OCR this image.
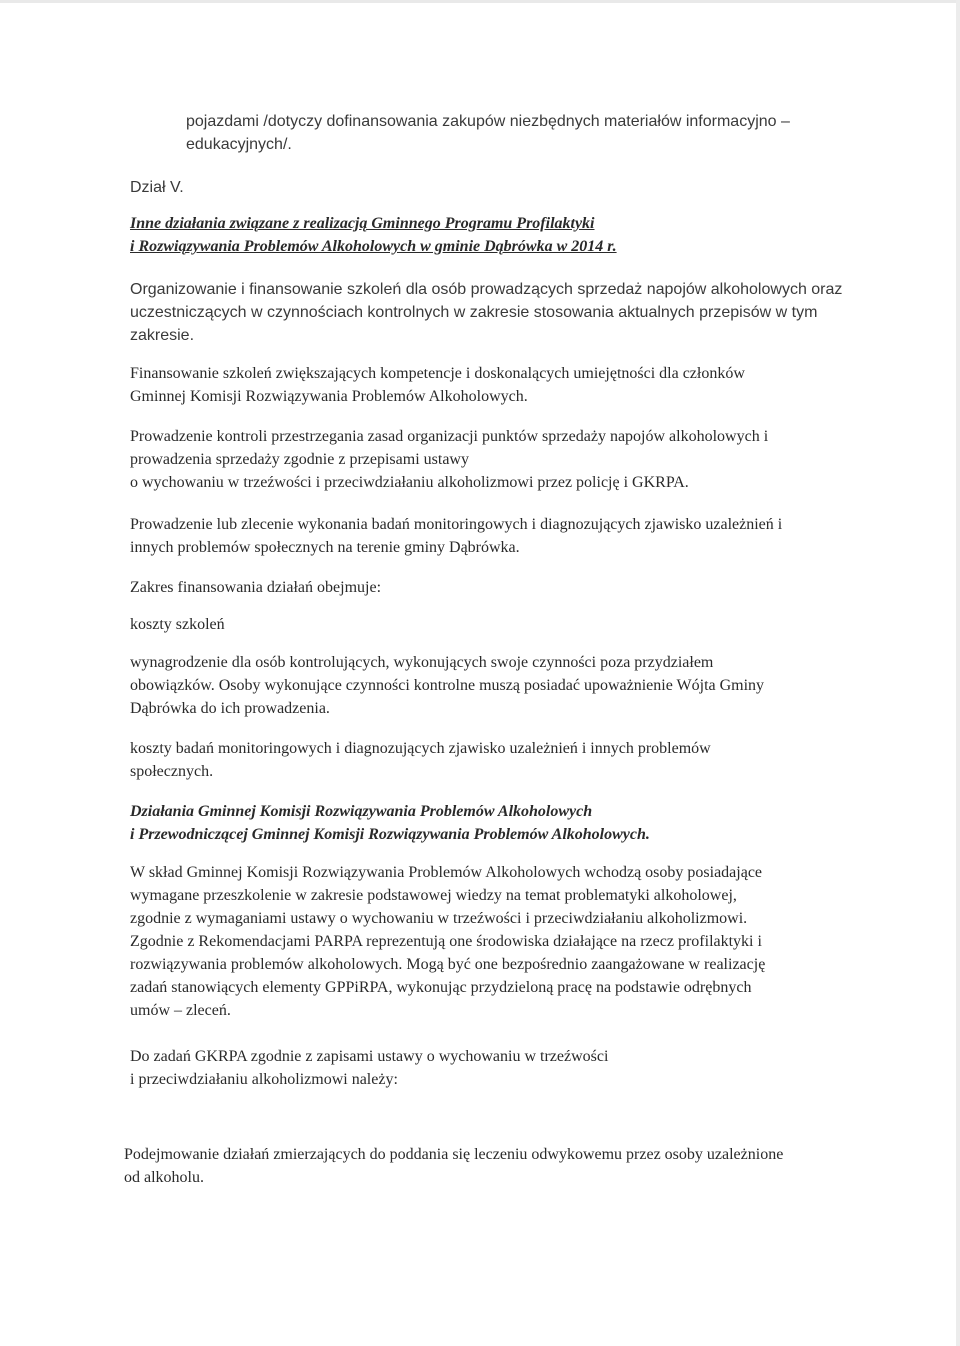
pojazdami /dotyczy dofinansowania zakupów niezbędnych materiałów informacyjno –
edukacyjnych/.

Dział V.

Inne działania związane z realizacją Gminnego Programu Profilaktyki
i Rozwiązywania Problemów Alkoholowych w gminie Dąbrówka w 2014 r.
Organizowanie i finansowanie szkoleń dla osób prowadzących sprzedaż napojów alkoholowych oraz
uczestniczących w czynnościach kontrolnych w zakresie stosowania aktualnych przepisów w tym
zakresie.
Finansowanie szkoleń zwiększających kompetencje i doskonalących umiejętności dla członków
Gminnej Komisji Rozwiązywania Problemów Alkoholowych.
Prowadzenie kontroli przestrzegania zasad organizacji punktów sprzedaży napojów alkoholowych i
prowadzenia sprzedaży zgodnie z przepisami ustawy
o wychowaniu w trzeźwości i przeciwdziałaniu alkoholizmowi przez policję i GKRPA.
Prowadzenie lub zlecenie wykonania badań monitoringowych i diagnozujących zjawisko uzależnień i
innych problemów społecznych na terenie gminy Dąbrówka.

Zakres finansowania działań obejmuje:

koszty szkoleń

wynagrodzenie dla osób kontrolujących, wykonujących swoje czynności poza przydziałem
obowiązków. Osoby wykonujące czynności kontrolne muszą posiadać upoważnienie Wójta Gminy
Dąbrówka do ich prowadzenia.
koszty badań monitoringowych i diagnozujących zjawisko uzależnień i innych problemów
społecznych.
Działania Gminnej Komisji Rozwiązywania Problemów Alkoholowych
i Przewodniczącej Gminnej Komisji Rozwiązywania Problemów Alkoholowych.
W skład Gminnej Komisji Rozwiązywania Problemów Alkoholowych wchodzą osoby posiadające
wymagane przeszkolenie w zakresie podstawowej wiedzy na temat problematyki alkoholowej,
zgodnie z wymaganiami ustawy o wychowaniu w trzeźwości i przeciwdziałaniu alkoholizmowi.
Zgodnie z Rekomendacjami PARPA reprezentują one środowiska działające na rzecz profilaktyki i
rozwiązywania problemów alkoholowych. Mogą być one bezpośrednio zaangażowane w realizację
zadań stanowiących elementy GPPiRPA, wykonując przydzieloną pracę na podstawie odrębnych
umów – zleceń.
Do zadań GKRPA zgodnie z zapisami ustawy o wychowaniu w trzeźwości
i przeciwdziałaniu alkoholizmowi należy:
Podejmowanie działań zmierzających do poddania się leczeniu odwykowemu przez osoby uzależnione
od alkoholu.
